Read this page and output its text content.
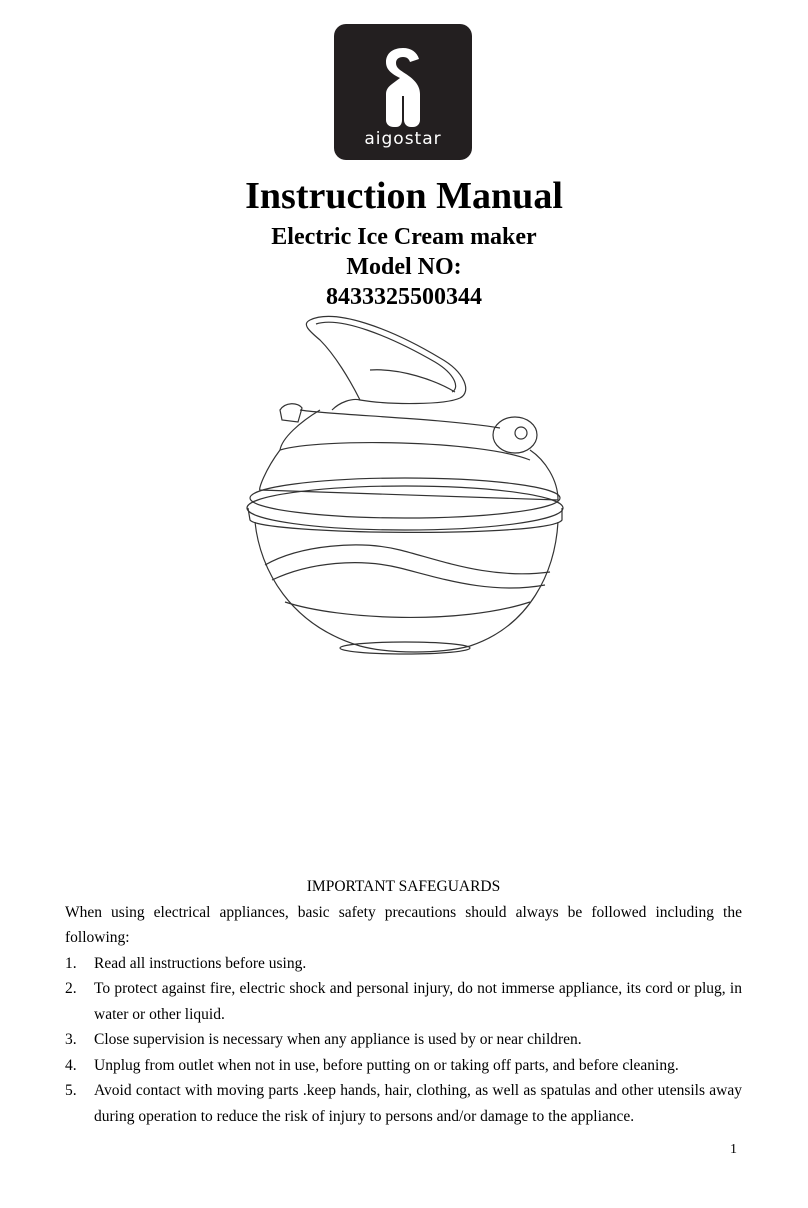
aigostar
Instruction Manual

Electric Ice Cream maker

Model NO:

8433325500344

IMPORTANT SAFEGUARDS

When using electrical appliances, basic safety precautions should always be followed including the following:

1.	Read all instructions before using.
2.	To protect against fire, electric shock and personal injury, do not immerse appliance, its cord or plug, in water or other liquid.
3.	Close supervision is necessary when any appliance is used by or near children.
4.	Unplug from outlet when not in use, before putting on or taking off parts, and before cleaning.
5.	Avoid contact with moving parts .keep hands, hair, clothing, as well as spatulas and other utensils away during operation to reduce the risk of injury to persons and/or damage to the appliance.
1
